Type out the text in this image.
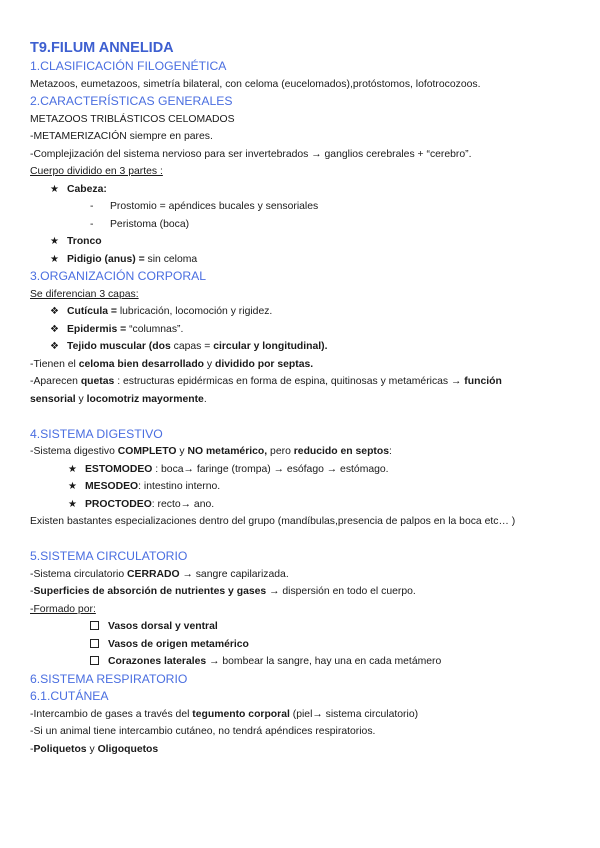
T9.FILUM ANNELIDA
1.CLASIFICACIÓN FILOGENÉTICA
Metazoos, eumetazoos, simetría bilateral, con celoma (eucelomados),protóstomos, lofotrocozoos.
2.CARACTERÍSTICAS GENERALES
METAZOOS TRIBLÁSTICOS CELOMADOS
-METAMERIZACIÓN siempre en pares.
-Complejización del sistema nervioso para ser invertebrados → ganglios cerebrales + “cerebro”.
Cuerpo dividido en 3 partes :
★ Cabeza:
- Prostomio = apéndices bucales y sensoriales
- Peristoma (boca)
★ Tronco
★ Pidigio (anus) = sin celoma
3.ORGANIZACIÓN CORPORAL
Se diferencian 3 capas:
❖ Cutícula = lubricación, locomoción y rigidez.
❖ Epidermis = “columnas”.
❖ Tejido muscular (dos capas = circular y longitudinal).
-Tienen el celoma bien desarrollado y dividido por septas.
-Aparecen quetas : estructuras epidérmicas en forma de espina, quitinosas y metaméricas → función
sensorial y locomotriz mayormente.
4.SISTEMA DIGESTIVO
-Sistema digestivo COMPLETO y NO metamérico, pero reducido en septos:
★ ESTOMODEO : boca→ faringe (trompa) → esófago → estómago.
★ MESODEO: intestino interno.
★ PROCTODEO: recto→ ano.
Existen bastantes especializaciones dentro del grupo (mandíbulas,presencia de palpos en la boca etc… )
5.SISTEMA CIRCULATORIO
-Sistema circulatorio CERRADO → sangre capilarizada.
-Superficies de absorción de nutrientes y gases → dispersión en todo el cuerpo.
-Formado por:
Vasos dorsal y ventral
Vasos de origen metamérico
Corazones laterales → bombear la sangre, hay una en cada metámero
6.SISTEMA RESPIRATORIO
6.1.CUTÁNEA
-Intercambio de gases a través del tegumento corporal (piel→ sistema circulatorio)
-Si un animal tiene intercambio cutáneo, no tendrá apéndices respiratorios.
-Poliquetos y Oligoquetos
